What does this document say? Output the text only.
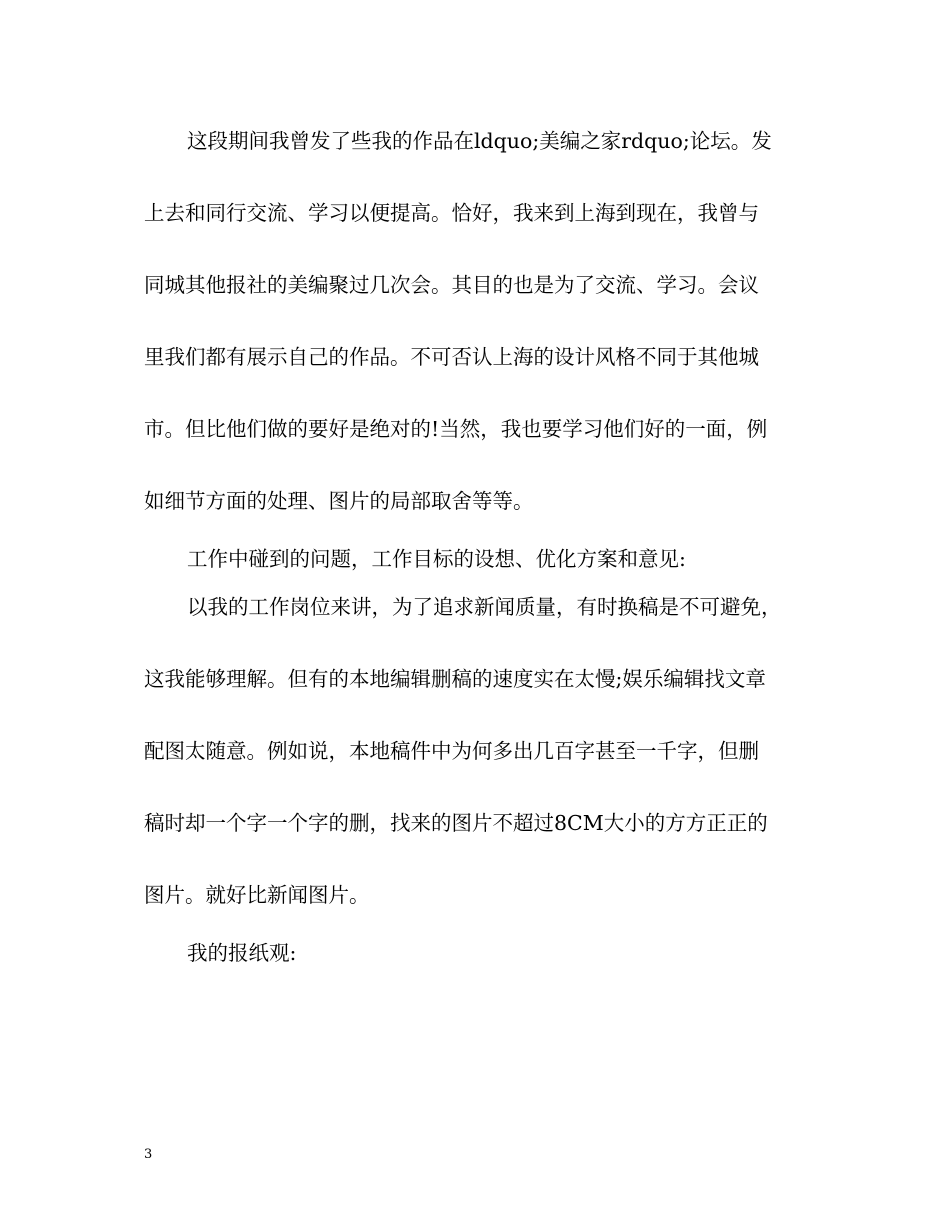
这段期间我曾发了些我的作品在ldquo;美编之家rdquo;论坛。发
上去和同行交流、学习以便提高。恰好，我来到上海到现在，我曾与
同城其他报社的美编聚过几次会。其目的也是为了交流、学习。会议
里我们都有展示自己的作品。不可否认上海的设计风格不同于其他城
市。但比他们做的要好是绝对的!当然，我也要学习他们好的一面，例
如细节方面的处理、图片的局部取舍等等。
工作中碰到的问题，工作目标的设想、优化方案和意见:
以我的工作岗位来讲，为了追求新闻质量，有时换稿是不可避免，
这我能够理解。但有的本地编辑删稿的速度实在太慢;娱乐编辑找文章
配图太随意。例如说，本地稿件中为何多出几百字甚至一千字，但删
稿时却一个字一个字的删，找来的图片不超过8CM大小的方方正正的
图片。就好比新闻图片。
我的报纸观:
3
